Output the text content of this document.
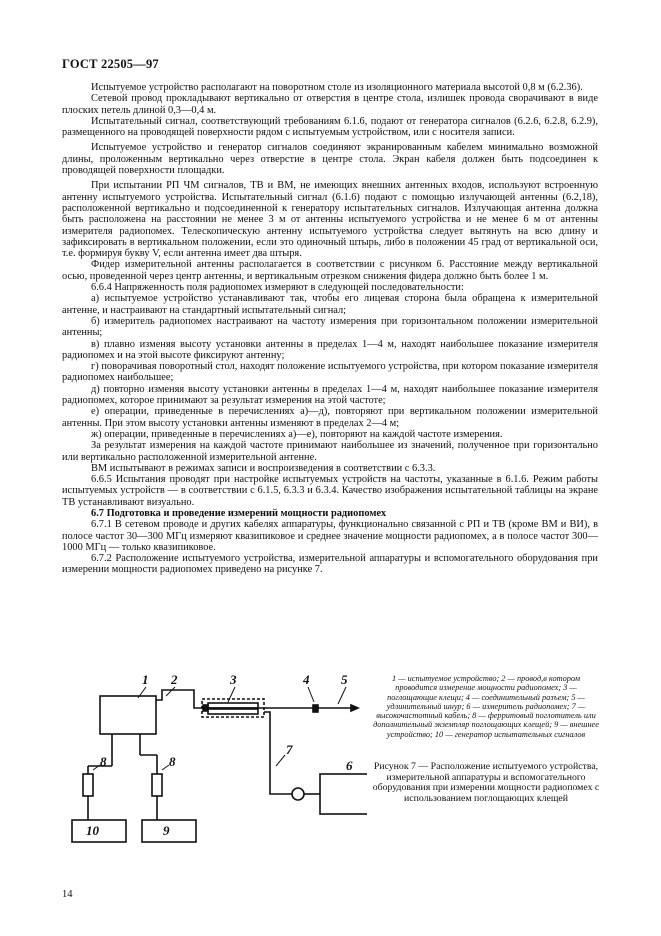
ГОСТ 22505—97

Испытуемое устройство располагают на поворотном столе из изоляционного материала высотой 0,8 м (6.2.36).

Сетевой провод прокладывают вертикально от отверстия в центре стола, излишек провода сворачивают в виде плоских петель длиной 0,3—0,4 м.

Испытательный сигнал, соответствующий требованиям 6.1.6, подают от генератора сигналов (6.2.6, 6.2.8, 6.2.9), размещенного на проводящей поверхности рядом с испытуемым устройством, или с носителя записи.

Испытуемое устройство и генератор сигналов соединяют экранированным кабелем минимально возможной длины, проложенным вертикально через отверстие в центре стола. Экран кабеля должен быть подсоединен к проводящей поверхности площадки.

При испытании РП ЧМ сигналов, ТВ и ВМ, не имеющих внешних антенных входов, используют встроенную антенну испытуемого устройства. Испытательный сигнал (6.1.6) подают с помощью излучающей антенны (6.2,18), расположенной вертикально и подсоединенной к генератору испытательных сигналов. Излучающая антенна должна быть расположена на расстоянии не менее 3 м от антенны испытуемого устройства и не менее 6 м от антенны измерителя радиопомех. Телескопическую антенну испытуемого устройства следует вытянуть на всю длину и зафиксировать в вертикальном положении, если это одиночный штырь, либо в положении 45 град от вертикальной оси, т.е. формируя букву V, если антенна имеет два штыря.

Фидер измерительной антенны располагается в соответствии с рисунком 6. Расстояние между вертикальной осью, проведенной через центр антенны, и вертикальным отрезком снижения фидера должно быть более 1 м.

6.6.4 Напряженность поля радиопомех измеряют в следующей последовательности:

а) испытуемое устройство устанавливают так, чтобы его лицевая сторона была обращена к измерительной антенне, и настраивают на стандартный испытательный сигнал;

б) измеритель радиопомех настраивают на частоту измерения при горизонтальном положении измерительной антенны;

в) плавно изменяя высоту установки антенны в пределах 1—4 м, находят наибольшее показание измерителя радиопомех и на этой высоте фиксируют антенну;

г) поворачивая поворотный стол, находят положение испытуемого устройства, при котором показание измерителя радиопомех наибольшее;

д) повторно изменяя высоту установки антенны в пределах 1—4 м, находят наибольшее показание измерителя радиопомех, которое принимают за результат измерения на этой частоте;

е) операции, приведенные в перечислениях а)—д), повторяют при вертикальном положении измерительной антенны. При этом высоту установки антенны изменяют в пределах 2—4 м;

ж) операции, приведенные в перечислениях а)—е), повторяют на каждой частоте измерения.

За результат измерения на каждой частоте принимают наибольшее из значений, полученное при горизонтально или вертикально расположенной измерительной антенне.

ВМ испытывают в режимах записи и воспроизведения в соответствии с 6.3.3.

6.6.5 Испытания проводят при настройке испытуемых устройств на частоты, указанные в 6.1.6. Режим работы испытуемых устройств — в соответствии с 6.1.5, 6.3.3 и 6.3.4. Качество изображения испытательной таблицы на экране ТВ устанавливают визуально.

6.7 Подготовка и проведение измерений мощности радиопомех

6.7.1 В сетевом проводе и других кабелях аппаратуры, функционально связанной с РП и ТВ (кроме ВМ и ВИ), в полосе частот 30—300 МГц измеряют квазипиковое и среднее значение мощности радиопомех, а в полосе частот 300—1000 МГц — только квазипиковое.

6.7.2 Расположение испытуемого устройства, измерительной аппаратуры и вспомогательного оборудования при измерении мощности радиопомех приведено на рисунке 7.

1 2	3	4 5
6
7
8	8
9
10
1 — испытуемое устройство; 2 — провод,в котором проводится измерение мощности радиопомех; 3 — поглощающие клещи; 4 — соединительный разъем; 5 — удлинительный шнур; 6 — измеритель радиопомех; 7 — высокочастотный кабель; 8 — ферритовый поглотитель или дополнительный экземпляр поглощающих клещей; 9 — внешнее устройство; 10 — генератор испытательных сигналов
Рисунок 7 — Расположение испытуемого устройства, измерительной аппаратуры и вспомогательного оборудования при измерении мощности радиопомех с использованием поглощающих клещей
14
